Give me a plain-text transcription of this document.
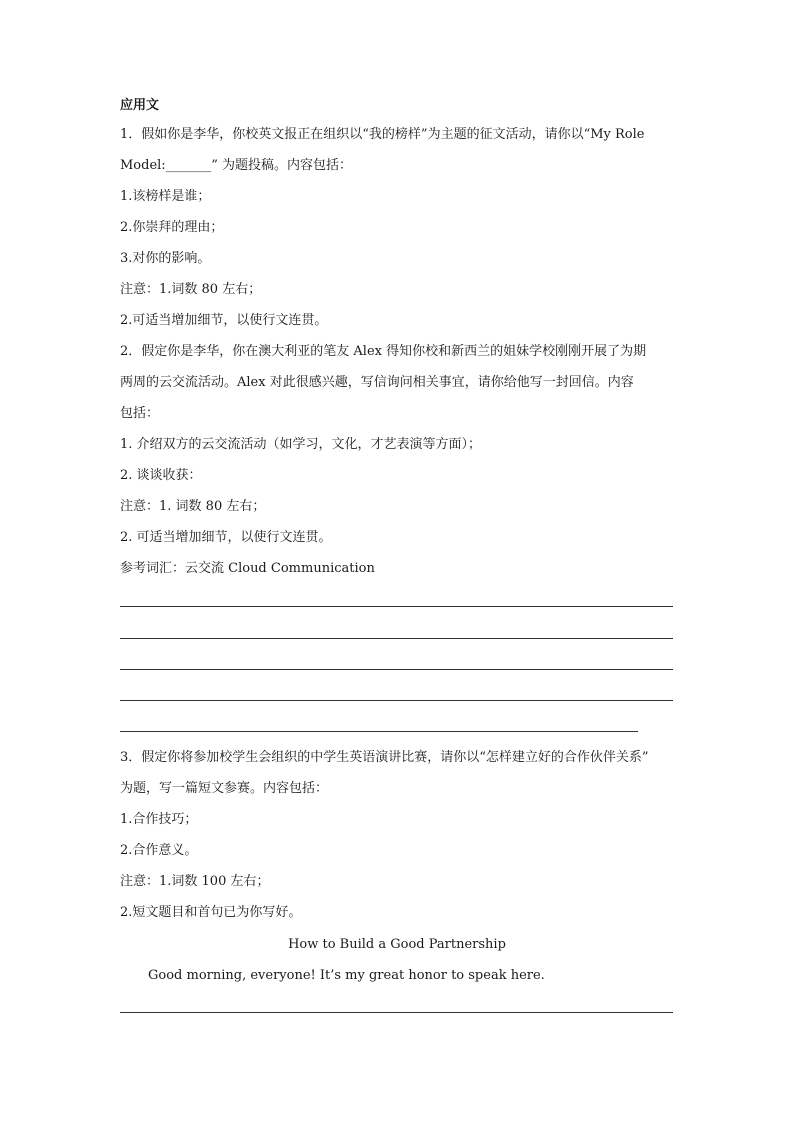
应用文
1．假如你是李华，你校英文报正在组织以“我的榜样”为主题的征文活动，请你以“My Role
Model:_______” 为题投稿。内容包括：
1.该榜样是谁；
2.你崇拜的理由；
3.对你的影响。
注意：1.词数 80 左右；
2.可适当增加细节，以使行文连贯。
2．假定你是李华，你在澳大利亚的笔友 Alex 得知你校和新西兰的姐妹学校刚刚开展了为期
两周的云交流活动。Alex 对此很感兴趣，写信询问相关事宜，请你给他写一封回信。内容
包括：
1. 介绍双方的云交流活动（如学习，文化，才艺表演等方面）；
2. 谈谈收获：
注意：1. 词数 80 左右；
2. 可适当增加细节，以使行文连贯。
参考词汇：云交流 Cloud Communication
3．假定你将参加校学生会组织的中学生英语演讲比赛，请你以“怎样建立好的合作伙伴关系”
为题，写一篇短文参赛。内容包括：
1.合作技巧；
2.合作意义。
注意：1.词数 100 左右；
2.短文题目和首句已为你写好。
How to Build a Good Partnership
Good morning, everyone! It’s my great honor to speak here.
